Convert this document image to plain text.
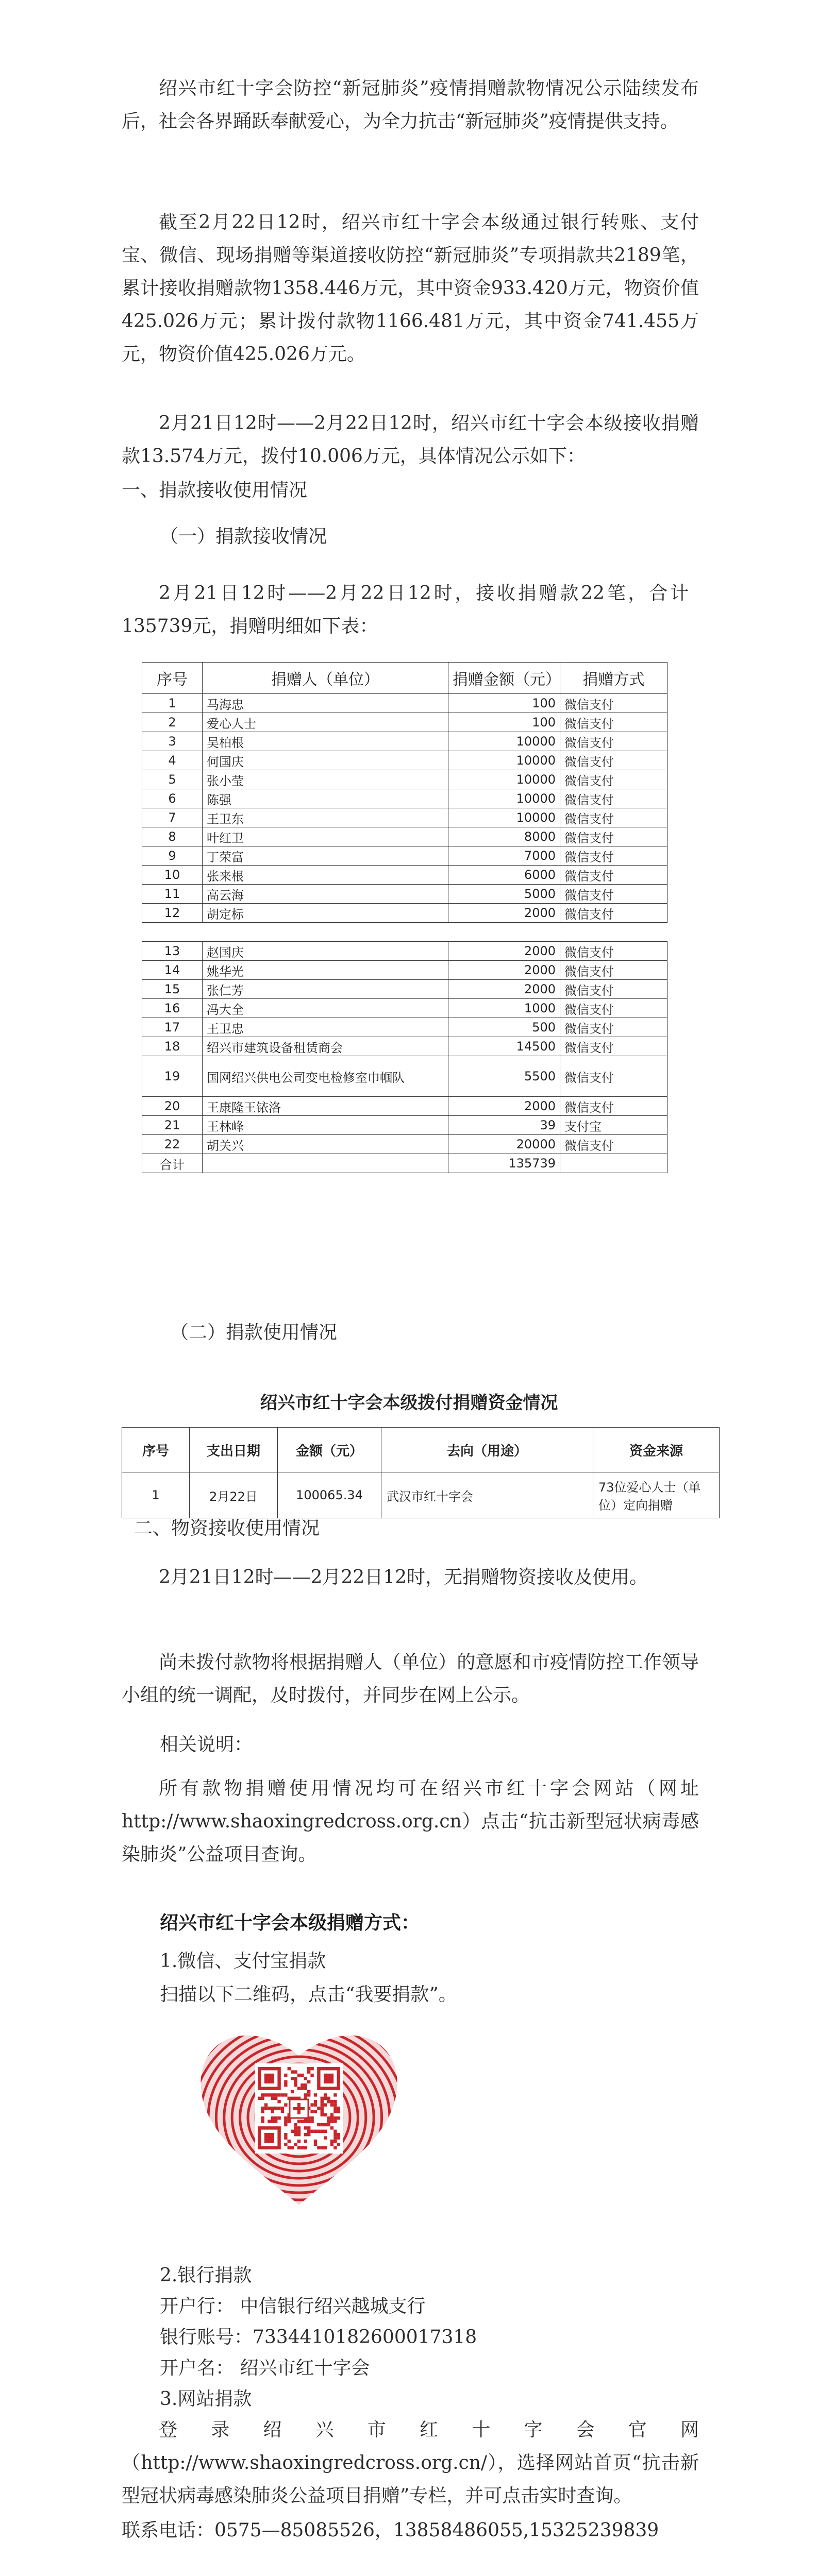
绍兴市红十字会防控“新冠肺炎”疫情捐赠款物情况公示陆续发布后，社会各界踊跃奉献爱心，为全力抗击“新冠肺炎”疫情提供支持。

截至2月22日12时，绍兴市红十字会本级通过银行转账、支付宝、微信、现场捐赠等渠道接收防控“新冠肺炎”专项捐款共2189笔，累计接收捐赠款物1358.446万元，其中资金933.420万元，物资价值425.026万元；累计拨付款物1166.481万元，其中资金741.455万元，物资价值425.026万元。

2月21日12时——2月22日12时，绍兴市红十字会本级接收捐赠款13.574万元，拨付10.006万元，具体情况公示如下：

一、捐款接收使用情况

（一）捐款接收情况

2月21日12时——2月22日12时，接收捐赠款22笔，合计135739元，捐赠明细如下表：

序号	捐赠人（单位）	捐赠金额（元）	捐赠方式
1	马海忠	100	微信支付
2	爱心人士	100	微信支付
3	吴柏根	10000	微信支付
4	何国庆	10000	微信支付
5	张小莹	10000	微信支付
6	陈强	10000	微信支付
7	王卫东	10000	微信支付
8	叶红卫	8000	微信支付
9	丁荣富	7000	微信支付
10	张来根	6000	微信支付
11	高云海	5000	微信支付
12	胡定标	2000	微信支付

13	赵国庆	2000	微信支付
14	姚华光	2000	微信支付
15	张仁芳	2000	微信支付
16	冯大全	1000	微信支付
17	王卫忠	500	微信支付
18	绍兴市建筑设备租赁商会	14500	微信支付
19	国网绍兴供电公司变电检修室巾帼队	5500	微信支付
20	王康隆王铱洛	2000	微信支付
21	王林峰	39	支付宝
22	胡关兴	20000	微信支付
合计		135739	

（二）捐款使用情况

绍兴市红十字会本级拨付捐赠资金情况
序号	支出日期	金额（元）	去向（用途）	资金来源
1	2月22日	100065.34	武汉市红十字会	73位爱心人士（单位）定向捐赠

二、物资接收使用情况

2月21日12时——2月22日12时，无捐赠物资接收及使用。

尚未拨付款物将根据捐赠人（单位）的意愿和市疫情防控工作领导小组的统一调配，及时拨付，并同步在网上公示。

相关说明：

所有款物捐赠使用情况均可在绍兴市红十字会网站（网址http://www.shaoxingredcross.org.cn）点击“抗击新型冠状病毒感染肺炎”公益项目查询。

绍兴市红十字会本级捐赠方式：

1.微信、支付宝捐款

扫描以下二维码，点击“我要捐款”。

2.银行捐款

开户行： 中信银行绍兴越城支行

银行账号：7334410182600017318

开户名： 绍兴市红十字会

3.网站捐款

登录绍兴市红十字会官网（http://www.shaoxingredcross.org.cn/），选择网站首页“抗击新型冠状病毒感染肺炎公益项目捐赠”专栏，并可点击实时查询。

联系电话：0575—85085526，13858486055,15325239839
